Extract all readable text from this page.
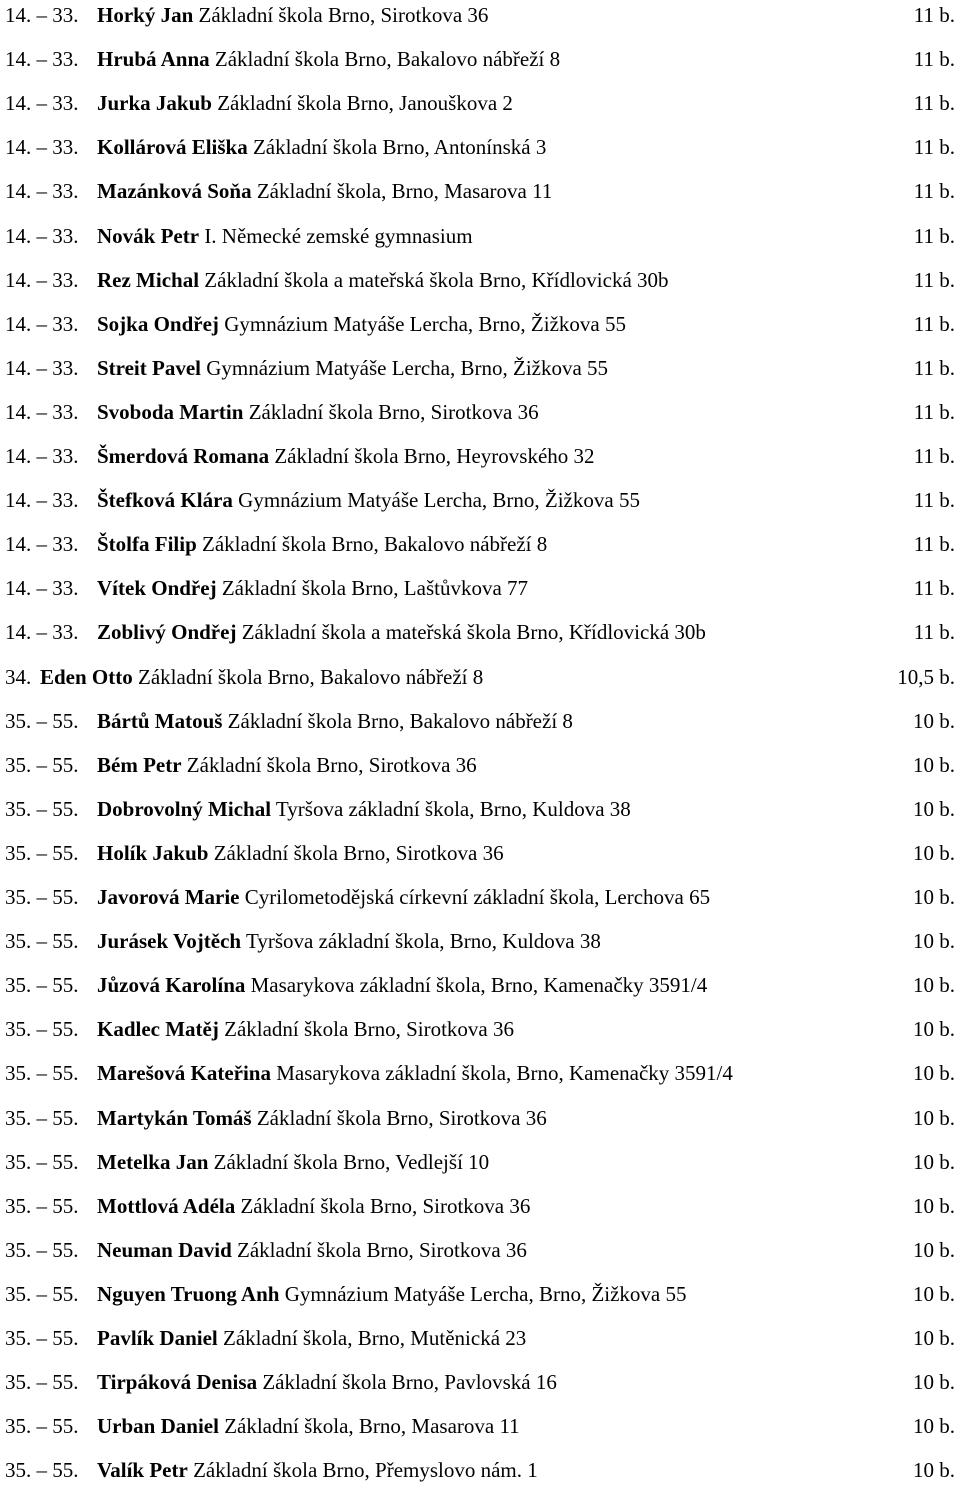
14. – 33. Horký Jan Základní škola Brno, Sirotkova 36	11 b.
14. – 33. Hrubá Anna Základní škola Brno, Bakalovo nábřeží 8	11 b.
14. – 33. Jurka Jakub Základní škola Brno, Janouškova 2	11 b.
14. – 33. Kollárová Eliška Základní škola Brno, Antonínská 3	11 b.
14. – 33. Mazánková Soňa Základní škola, Brno, Masarova 11	11 b.
14. – 33. Novák Petr I. Německé zemské gymnasium	11 b.
14. – 33. Rez Michal Základní škola a mateřská škola Brno, Křídlovická 30b	11 b.
14. – 33. Sojka Ondřej Gymnázium Matyáše Lercha, Brno, Žižkova 55	11 b.
14. – 33. Streit Pavel Gymnázium Matyáše Lercha, Brno, Žižkova 55	11 b.
14. – 33. Svoboda Martin Základní škola Brno, Sirotkova 36	11 b.
14. – 33. Šmerdová Romana Základní škola Brno, Heyrovského 32	11 b.
14. – 33. Štefková Klára Gymnázium Matyáše Lercha, Brno, Žižkova 55	11 b.
14. – 33. Štolfa Filip Základní škola Brno, Bakalovo nábřeží 8	11 b.
14. – 33. Vítek Ondřej Základní škola Brno, Laštůvkova 77	11 b.
14. – 33. Zoblivý Ondřej Základní škola a mateřská škola Brno, Křídlovická 30b	11 b.
34. Eden Otto Základní škola Brno, Bakalovo nábřeží 8	10,5 b.
35. – 55. Bártů Matouš Základní škola Brno, Bakalovo nábřeží 8	10 b.
35. – 55. Bém Petr Základní škola Brno, Sirotkova 36	10 b.
35. – 55. Dobrovolný Michal Tyršova základní škola, Brno, Kuldova 38	10 b.
35. – 55. Holík Jakub Základní škola Brno, Sirotkova 36	10 b.
35. – 55. Javorová Marie Cyrilometodějská církevní základní škola, Lerchova 65	10 b.
35. – 55. Jurásek Vojtěch Tyršova základní škola, Brno, Kuldova 38	10 b.
35. – 55. Jůzová Karolína Masarykova základní škola, Brno, Kamenačky 3591/4	10 b.
35. – 55. Kadlec Matěj Základní škola Brno, Sirotkova 36	10 b.
35. – 55. Marešová Kateřina Masarykova základní škola, Brno, Kamenačky 3591/4	10 b.
35. – 55. Martykán Tomáš Základní škola Brno, Sirotkova 36	10 b.
35. – 55. Metelka Jan Základní škola Brno, Vedlejší 10	10 b.
35. – 55. Mottlová Adéla Základní škola Brno, Sirotkova 36	10 b.
35. – 55. Neuman David Základní škola Brno, Sirotkova 36	10 b.
35. – 55. Nguyen Truong Anh Gymnázium Matyáše Lercha, Brno, Žižkova 55	10 b.
35. – 55. Pavlík Daniel Základní škola, Brno, Mutěnická 23	10 b.
35. – 55. Tirpáková Denisa Základní škola Brno, Pavlovská 16	10 b.
35. – 55. Urban Daniel Základní škola, Brno, Masarova 11	10 b.
35. – 55. Valík Petr Základní škola Brno, Přemyslovo nám. 1	10 b.
